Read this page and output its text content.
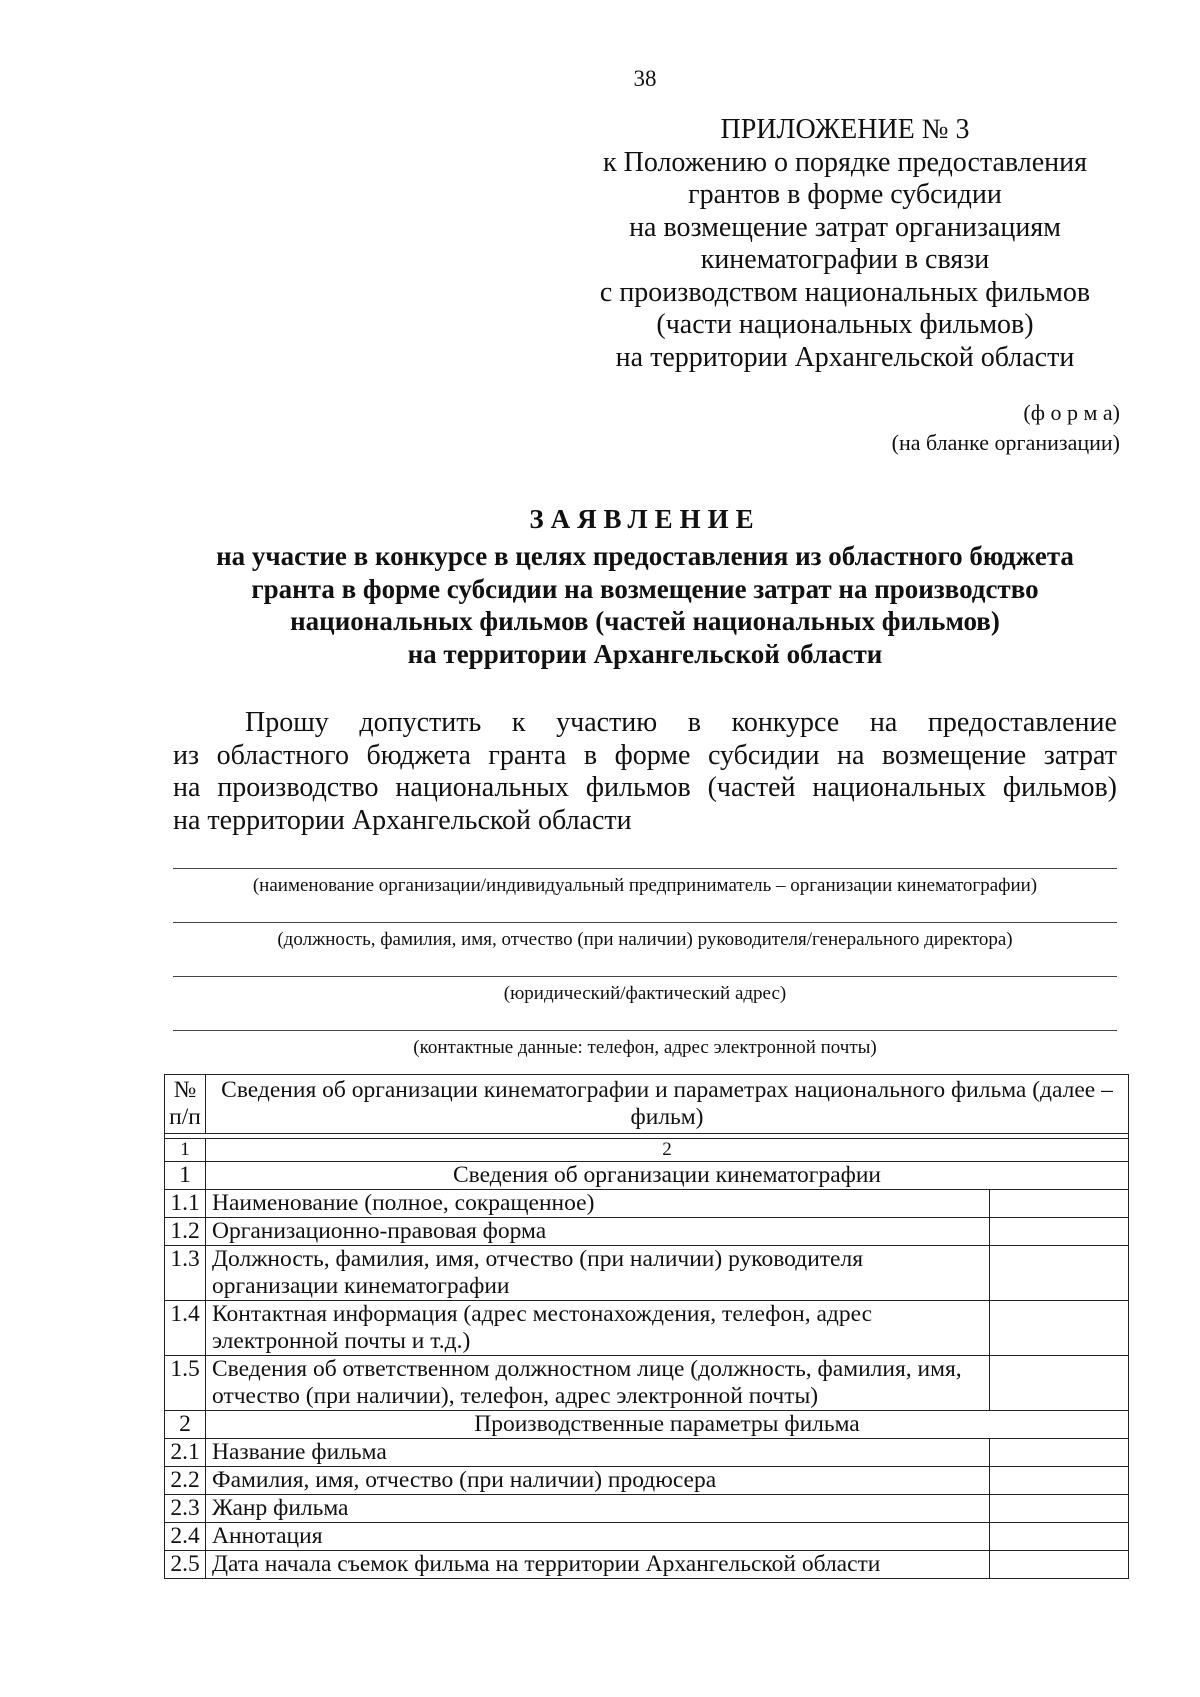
38
ПРИЛОЖЕНИЕ № 3
к Положению о порядке предоставления
грантов в форме субсидии
на возмещение затрат организациям
кинематографии в связи
с производством национальных фильмов
(части национальных фильмов)
на территории Архангельской области
(ф о р м а)
(на бланке организации)
ЗАЯВЛЕНИЕ
на участие в конкурсе в целях предоставления из областного бюджета
гранта в форме субсидии на возмещение затрат на производство
национальных фильмов (частей национальных фильмов)
на территории Архангельской области
Прошу допустить к участию в конкурсе на предоставление
из областного бюджета гранта в форме субсидии на возмещение затрат
на производство национальных фильмов (частей национальных фильмов)
на территории Архангельской области
(наименование организации/индивидуальный предприниматель – организации кинематографии)
(должность, фамилия, имя, отчество (при наличии) руководителя/генерального директора)
(юридический/фактический адрес)
(контактные данные: телефон, адрес электронной почты)
№ п/п	Сведения об организации кинематографии и параметрах национального фильма (далее – фильм)	

1	2	
1	Сведения об организации кинематографии	
1.1	Наименование (полное, сокращенное)	
1.2	Организационно-правовая форма	
1.3	Должность, фамилия, имя, отчество (при наличии) руководителя организации кинематографии	
1.4	Контактная информация (адрес местонахождения, телефон, адрес электронной почты и т.д.)	
1.5	Сведения об ответственном должностном лице (должность, фамилия, имя, отчество (при наличии), телефон, адрес электронной почты)	
2	Производственные параметры фильма	
2.1	Название фильма	
2.2	Фамилия, имя, отчество (при наличии) продюсера	
2.3	Жанр фильма	
2.4	Аннотация	
2.5	Дата начала съемок фильма на территории Архангельской области	
